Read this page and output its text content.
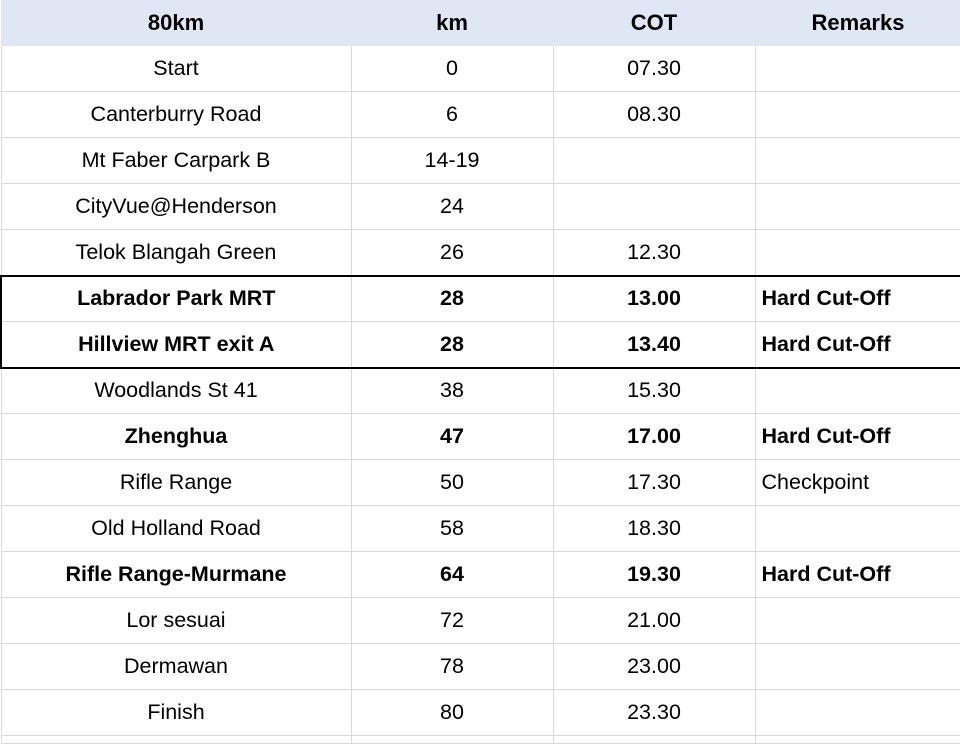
80km	km	COT	Remarks
Start	0	07.30	
Canterburry Road	6	08.30	
Mt Faber Carpark B	14-19		
CityVue@Henderson	24		
Telok Blangah Green	26	12.30	
Labrador Park MRT	28	13.00	Hard Cut-Off
Hillview MRT exit A	28	13.40	Hard Cut-Off
Woodlands St 41	38	15.30	
Zhenghua	47	17.00	Hard Cut-Off
Rifle Range	50	17.30	Checkpoint
Old Holland Road	58	18.30	
Rifle Range-Murmane	64	19.30	Hard Cut-Off
Lor sesuai	72	21.00	
Dermawan	78	23.00	
Finish	80	23.30	
